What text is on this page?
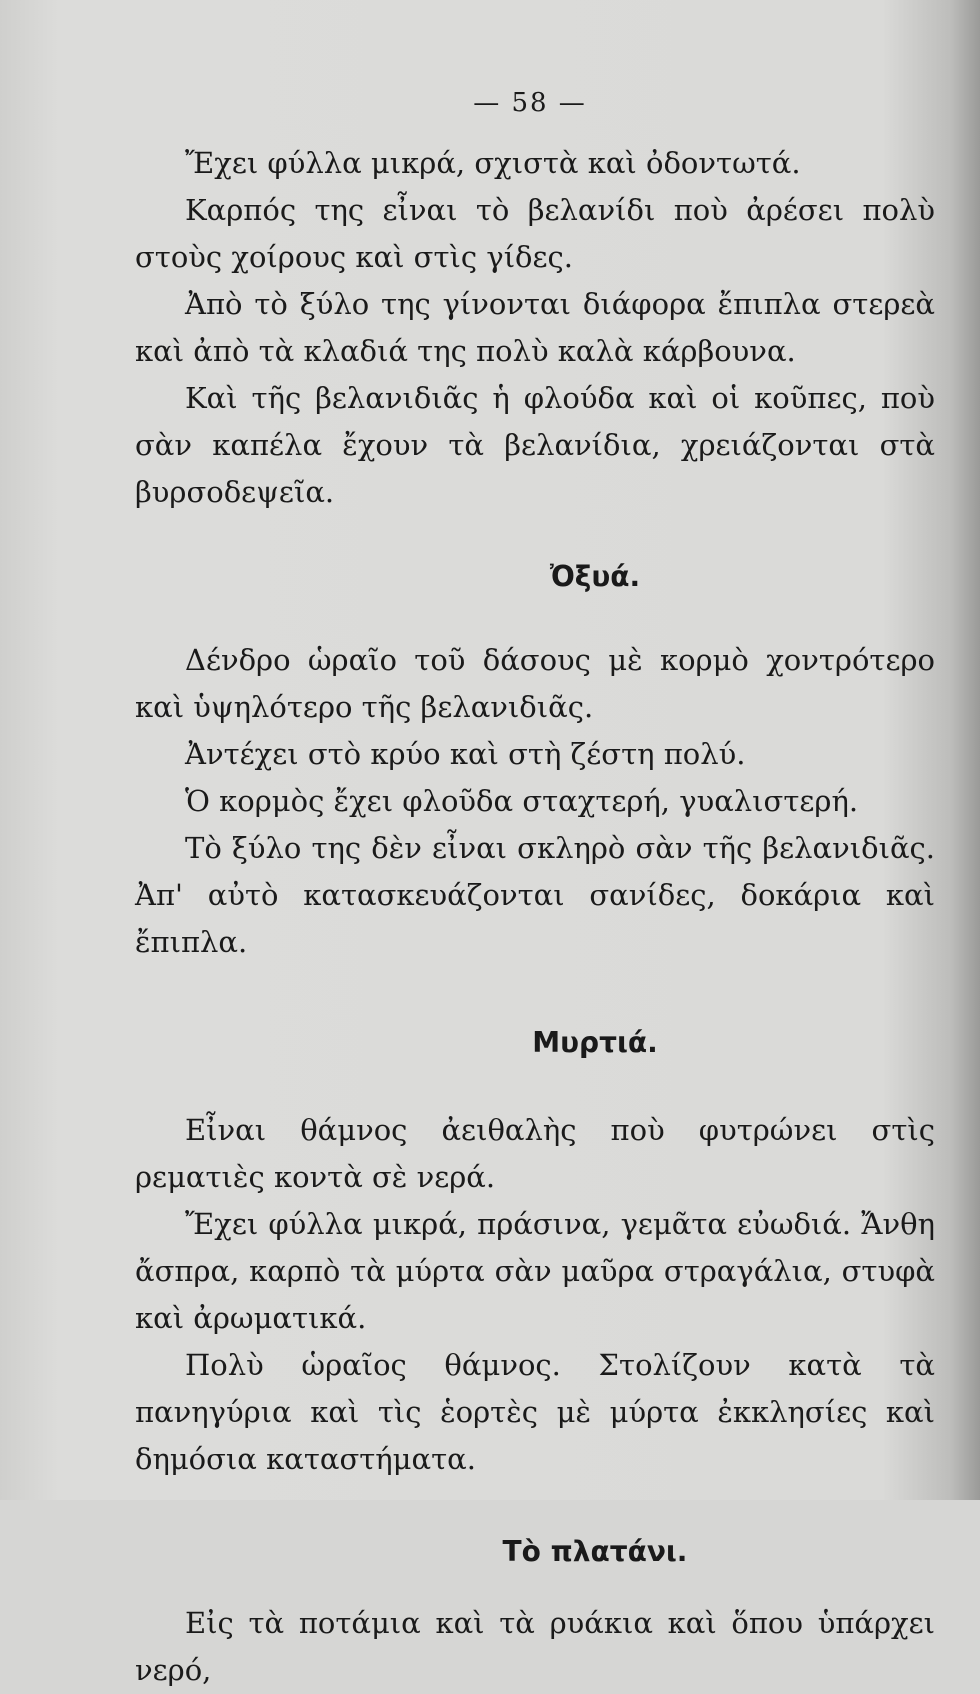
— 58 —

Ἔχει φύλλα μικρά, σχιστὰ καὶ ὀδοντωτά.

Καρπός της εἶναι τὸ βελανίδι ποὺ ἀρέσει πολὺ στοὺς χοίρους καὶ στὶς γίδες.

Ἀπὸ τὸ ξύλο της γίνονται διάφορα ἔπιπλα στερεὰ καὶ ἀπὸ τὰ κλαδιά της πολὺ καλὰ κάρβουνα.

Καὶ τῆς βελανιδιᾶς ἡ φλούδα καὶ οἱ κοῦπες, ποὺ σὰν καπέλα ἔχουν τὰ βελανίδια, χρειάζονται στὰ βυρσοδεψεῖα.

Ὀξυά.

Δένδρο ὡραῖο τοῦ δάσους μὲ κορμὸ χοντρότερο καὶ ὑψηλότερο τῆς βελανιδιᾶς.

Ἀντέχει στὸ κρύο καὶ στὴ ζέστη πολύ.

Ὁ κορμὸς ἔχει φλοῦδα σταχτερή, γυαλιστερή.

Τὸ ξύλο της δὲν εἶναι σκληρὸ σὰν τῆς βελανιδιᾶς. Ἀπ' αὐτὸ κατασκευάζονται σανίδες, δοκάρια καὶ ἔπιπλα.

Μυρτιά.

Εἶναι θάμνος ἀειθαλὴς ποὺ φυτρώνει στὶς ρεματιὲς κοντὰ σὲ νερά.

Ἔχει φύλλα μικρά, πράσινα, γεμᾶτα εὐωδιά. Ἄνθη ἄσπρα, καρπὸ τὰ μύρτα σὰν μαῦρα στραγάλια, στυφὰ καὶ ἀρωματικά.

Πολὺ ὡραῖος θάμνος. Στολίζουν κατὰ τὰ πανηγύρια καὶ τὶς ἑορτὲς μὲ μύρτα ἐκκλησίες καὶ δημόσια καταστήματα.

Τὸ πλατάνι.

Εἰς τὰ ποτάμια καὶ τὰ ρυάκια καὶ ὅπου ὑπάρχει νερό,
